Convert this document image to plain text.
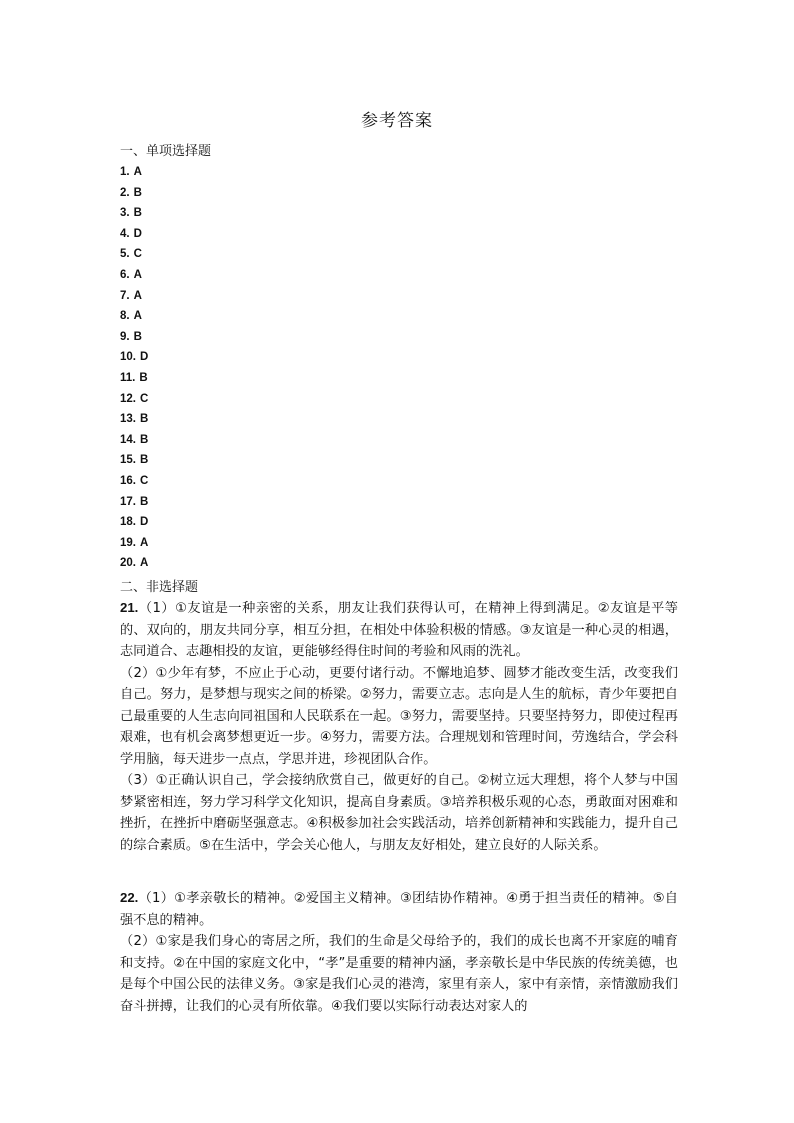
参考答案
一、单项选择题
1. A
2. B
3. B
4. D
5. C
6. A
7. A
8. A
9. B
10. D
11. B
12. C
13. B
14. B
15. B
16. C
17. B
18. D
19. A
20. A
二、非选择题

21.（1）①友谊是一种亲密的关系，朋友让我们获得认可，在精神上得到满足。②友谊是平等的、双向的，朋友共同分享，相互分担，在相处中体验积极的情感。③友谊是一种心灵的相遇，志同道合、志趣相投的友谊，更能够经得住时间的考验和风雨的洗礼。

（2）①少年有梦，不应止于心动，更要付诸行动。不懈地追梦、圆梦才能改变生活，改变我们自己。努力，是梦想与现实之间的桥梁。②努力，需要立志。志向是人生的航标，青少年要把自己最重要的人生志向同祖国和人民联系在一起。③努力，需要坚持。只要坚持努力，即使过程再艰难，也有机会离梦想更近一步。④努力，需要方法。合理规划和管理时间，劳逸结合，学会科学用脑，每天进步一点点，学思并进，珍视团队合作。

（3）①正确认识自己，学会接纳欣赏自己，做更好的自己。②树立远大理想，将个人梦与中国梦紧密相连，努力学习科学文化知识，提高自身素质。③培养积极乐观的心态，勇敢面对困难和挫折，在挫折中磨砺坚强意志。④积极参加社会实践活动，培养创新精神和实践能力，提升自己的综合素质。⑤在生活中，学会关心他人，与朋友友好相处，建立良好的人际关系。

22.（1）①孝亲敬长的精神。②爱国主义精神。③团结协作精神。④勇于担当责任的精神。⑤自强不息的精神。

（2）①家是我们身心的寄居之所，我们的生命是父母给予的，我们的成长也离不开家庭的哺育和支持。②在中国的家庭文化中，“孝”是重要的精神内涵，孝亲敬长是中华民族的传统美德，也是每个中国公民的法律义务。③家是我们心灵的港湾，家里有亲人，家中有亲情，亲情激励我们奋斗拼搏，让我们的心灵有所依靠。④我们要以实际行动表达对家人的
